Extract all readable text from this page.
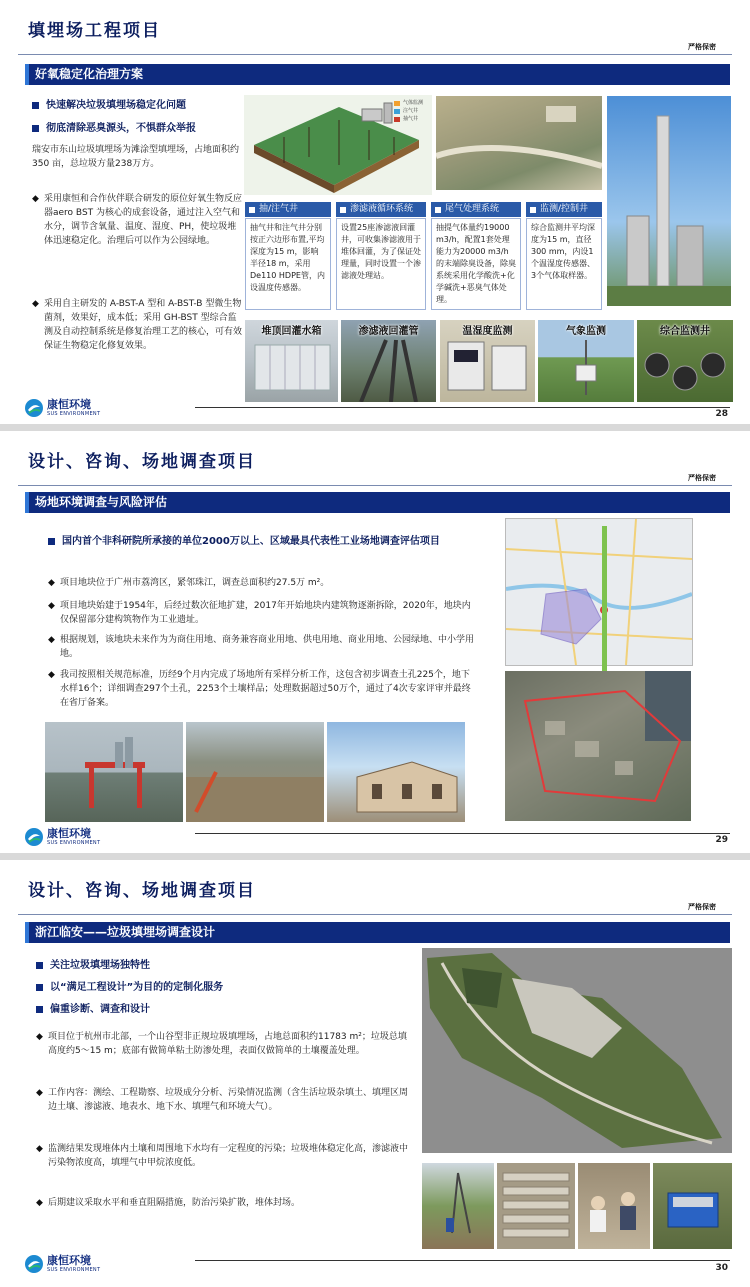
填埋场工程项目
严格保密
好氧稳定化治理方案
快速解决垃圾填埋场稳定化问题
彻底清除恶臭源头，不惧群众举报
瑞安市东山垃圾填埋场为滩涂型填埋场，占地面积约350 亩，总垃圾方量238万方。
◆ 采用康恒和合作伙伴联合研发的原位好氧生物反应器aero BST 为核心的成套设备，通过注入空气和水分，调节含氧量、温度、湿度、PH，使垃圾堆体迅速稳定化。治理后可以作为公园绿地。
◆ 采用自主研发的 A-BST-A 型和 A-BST-B 型微生物菌剂，效果好，成本低；采用 GH-BST 型综合监测及自动控制系统是修复治理工艺的核心，可有效保证生物稳定化修复效果。
气体监测
注气井
抽气井
抽/注气井
抽气井和注气井分别按正六边形布置,平均深度为15 m，影响半径18 m，采用De110 HDPE管，内设温度传感器。
渗滤液循环系统
设置25座渗滤液回灌井，可收集渗滤液用于堆体回灌，为了保证处理量，同时设置一个渗滤液处理站。
尾气处理系统
抽提气体量约19000 m3/h，配置1套处理能力为20000 m3/h的末端除臭设备，除臭系统采用化学酸洗+化学碱洗+恶臭气体处理。
监测/控制井
综合监测井平均深度为15 m，直径300 mm，内设1个温湿度传感器、3个气体取样器。
堆顶回灌水箱	渗滤液回灌管	温湿度监测	气象监测	综合监测井
康恒环境
SUS ENVIRONMENT	28
设计、咨询、场地调查项目
严格保密
场地环境调查与风险评估
国内首个非科研院所承接的单位2000万以上、区域最具代表性工业场地调查评估项目
◆ 项目地块位于广州市荔湾区，紧邻珠江，调查总面积约27.5万 m²。
◆ 项目地块始建于1954年，后经过数次征地扩建，2017年开始地块内建筑物逐渐拆除，2020年，地块内仅保留部分建构筑物作为工业遗址。
◆ 根据规划，该地块未来作为为商住用地、商务兼容商业用地、供电用地、商业用地、公园绿地、中小学用地。
◆ 我司按照相关规范标准，历经9个月内完成了场地所有采样分析工作，这包含初步调查土孔225个，地下水样16个；详细调查297个土孔，2253个土壤样品；处理数据超过50万个，通过了4次专家评审并最终在省厅备案。
康恒环境
SUS ENVIRONMENT	29
设计、咨询、场地调查项目
严格保密
浙江临安——垃圾填埋场调查设计
关注垃圾填埋场独特性
以“满足工程设计”为目的的定制化服务
偏重诊断、调查和设计
◆ 项目位于杭州市北部，一个山谷型非正规垃圾填埋场，占地总面积约11783 m²；垃圾总填高度约5～15 m；底部有做简单粘土防渗处理，表面仅做简单的土壤覆盖处理。
◆ 工作内容：测绘、工程勘察、垃圾成分分析、污染情况监测（含生活垃圾杂填土、填埋区周边土壤、渗滤液、地表水、地下水、填埋气和环境大气）。
◆ 监测结果发现堆体内土壤和周围地下水均有一定程度的污染；垃圾堆体稳定化高，渗滤液中污染物浓度高，填埋气中甲烷浓度低。
◆ 后期建议采取水平和垂直阻隔措施，防治污染扩散，堆体封场。
康恒环境
SUS ENVIRONMENT	30
